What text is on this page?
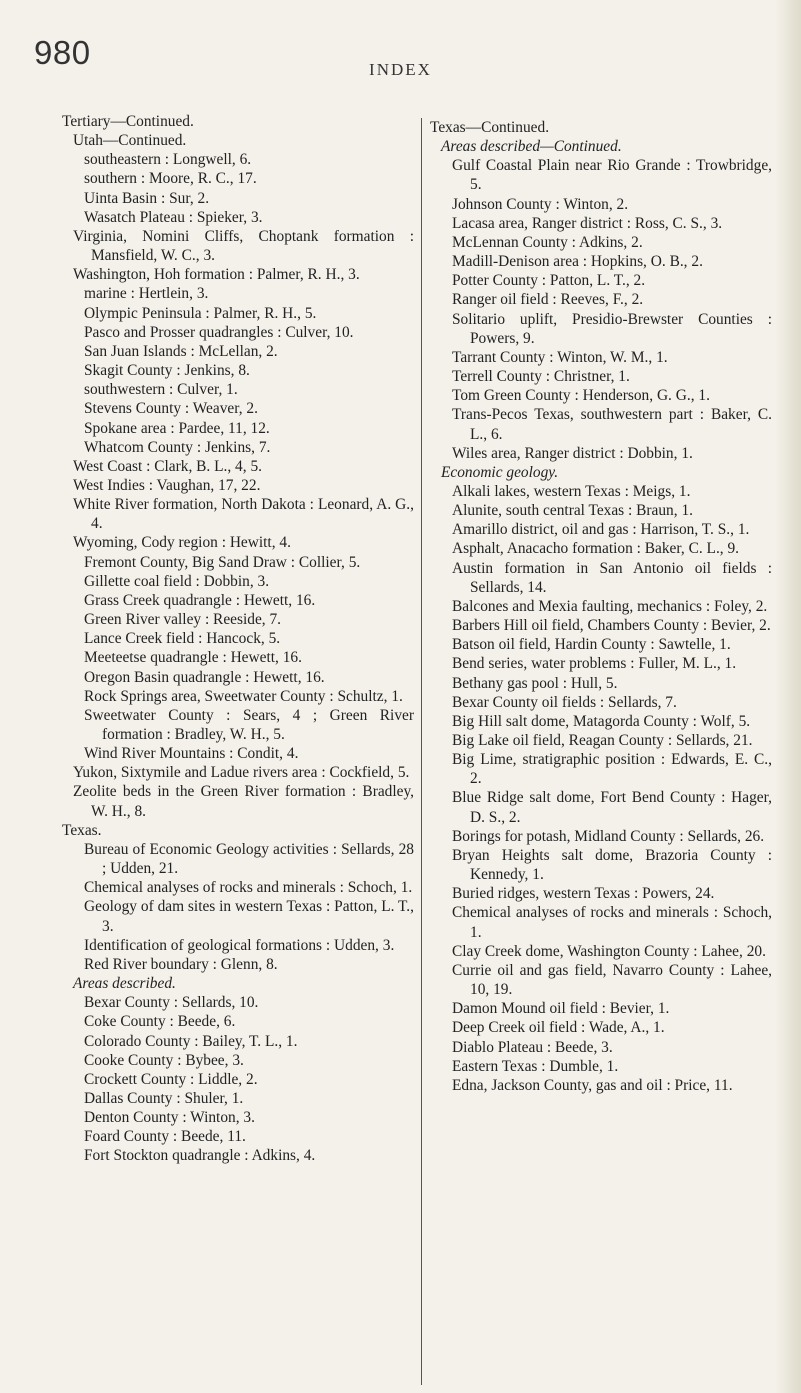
980	INDEX
Tertiary—Continued.
Utah—Continued.
southeastern : Longwell, 6.
southern : Moore, R. C., 17.
Uinta Basin : Sur, 2.
Wasatch Plateau : Spieker, 3.
Virginia, Nomini Cliffs, Choptank formation : Mansfield, W. C., 3.
Washington, Hoh formation : Palmer, R. H., 3.
marine : Hertlein, 3.
Olympic Peninsula : Palmer, R. H., 5.
Pasco and Prosser quadrangles : Culver, 10.
San Juan Islands : McLellan, 2.
Skagit County : Jenkins, 8.
southwestern : Culver, 1.
Stevens County : Weaver, 2.
Spokane area : Pardee, 11, 12.
Whatcom County : Jenkins, 7.
West Coast : Clark, B. L., 4, 5.
West Indies : Vaughan, 17, 22.
White River formation, North Dakota : Leonard, A. G., 4.
Wyoming, Cody region : Hewitt, 4.
Fremont County, Big Sand Draw : Collier, 5.
Gillette coal field : Dobbin, 3.
Grass Creek quadrangle : Hewett, 16.
Green River valley : Reeside, 7.
Lance Creek field : Hancock, 5.
Meeteetse quadrangle : Hewett, 16.
Oregon Basin quadrangle : Hewett, 16.
Rock Springs area, Sweetwater County : Schultz, 1.
Sweetwater County : Sears, 4 ; Green River formation : Bradley, W. H., 5.
Wind River Mountains : Condit, 4.
Yukon, Sixtymile and Ladue rivers area : Cockfield, 5.
Zeolite beds in the Green River formation : Bradley, W. H., 8.
Texas.
Bureau of Economic Geology activities : Sellards, 28 ; Udden, 21.
Chemical analyses of rocks and minerals : Schoch, 1.
Geology of dam sites in western Texas : Patton, L. T., 3.
Identification of geological formations : Udden, 3.
Red River boundary : Glenn, 8.
Areas described.
Bexar County : Sellards, 10.
Coke County : Beede, 6.
Colorado County : Bailey, T. L., 1.
Cooke County : Bybee, 3.
Crockett County : Liddle, 2.
Dallas County : Shuler, 1.
Denton County : Winton, 3.
Foard County : Beede, 11.
Fort Stockton quadrangle : Adkins, 4.
Texas—Continued.
Areas described—Continued.
Gulf Coastal Plain near Rio Grande : Trowbridge, 5.
Johnson County : Winton, 2.
Lacasa area, Ranger district : Ross, C. S., 3.
McLennan County : Adkins, 2.
Madill-Denison area : Hopkins, O. B., 2.
Potter County : Patton, L. T., 2.
Ranger oil field : Reeves, F., 2.
Solitario uplift, Presidio-Brewster Counties : Powers, 9.
Tarrant County : Winton, W. M., 1.
Terrell County : Christner, 1.
Tom Green County : Henderson, G. G., 1.
Trans-Pecos Texas, southwestern part : Baker, C. L., 6.
Wiles area, Ranger district : Dobbin, 1.
Economic geology.
Alkali lakes, western Texas : Meigs, 1.
Alunite, south central Texas : Braun, 1.
Amarillo district, oil and gas : Harrison, T. S., 1.
Asphalt, Anacacho formation : Baker, C. L., 9.
Austin formation in San Antonio oil fields : Sellards, 14.
Balcones and Mexia faulting, mechanics : Foley, 2.
Barbers Hill oil field, Chambers County : Bevier, 2.
Batson oil field, Hardin County : Sawtelle, 1.
Bend series, water problems : Fuller, M. L., 1.
Bethany gas pool : Hull, 5.
Bexar County oil fields : Sellards, 7.
Big Hill salt dome, Matagorda County : Wolf, 5.
Big Lake oil field, Reagan County : Sellards, 21.
Big Lime, stratigraphic position : Edwards, E. C., 2.
Blue Ridge salt dome, Fort Bend County : Hager, D. S., 2.
Borings for potash, Midland County : Sellards, 26.
Bryan Heights salt dome, Brazoria County : Kennedy, 1.
Buried ridges, western Texas : Powers, 24.
Chemical analyses of rocks and minerals : Schoch, 1.
Clay Creek dome, Washington County : Lahee, 20.
Currie oil and gas field, Navarro County : Lahee, 10, 19.
Damon Mound oil field : Bevier, 1.
Deep Creek oil field : Wade, A., 1.
Diablo Plateau : Beede, 3.
Eastern Texas : Dumble, 1.
Edna, Jackson County, gas and oil : Price, 11.
